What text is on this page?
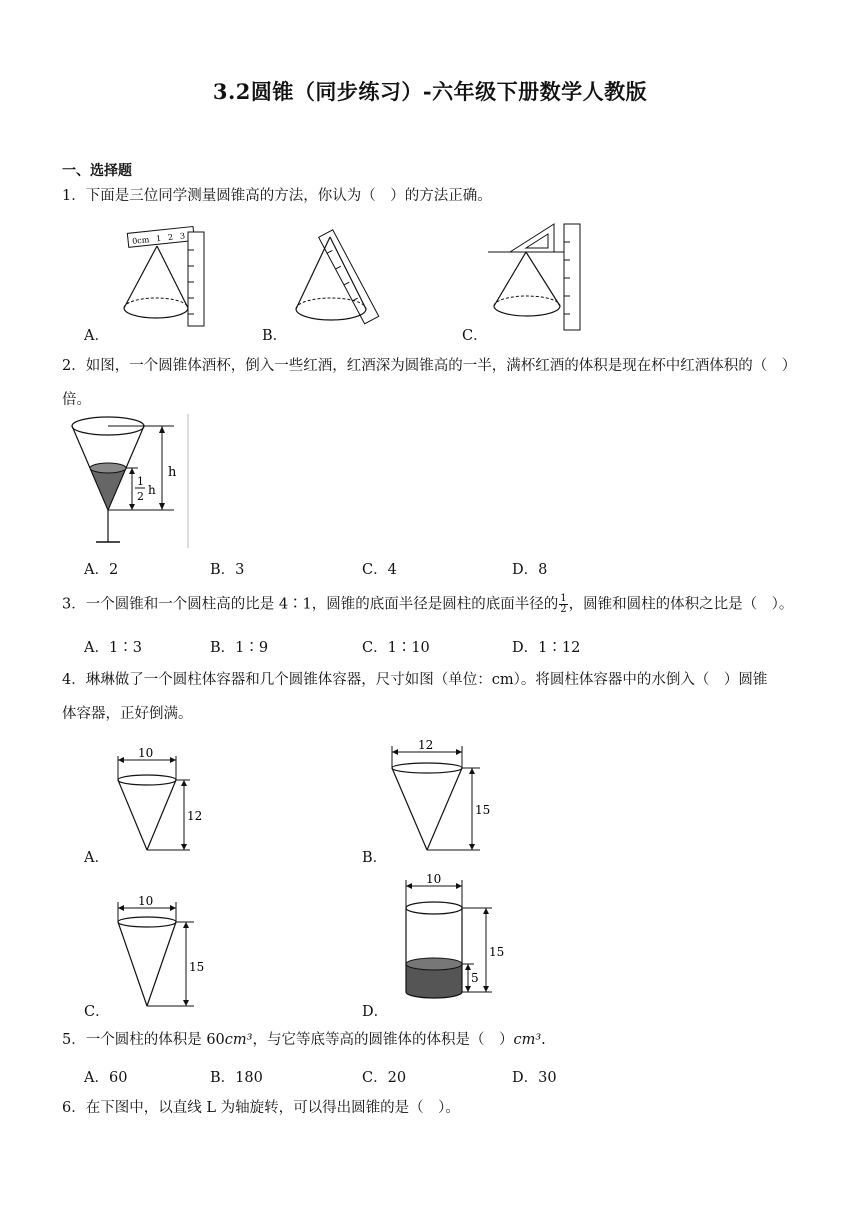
3.2圆锥（同步练习）-六年级下册数学人教版
一、选择题
1．下面是三位同学测量圆锥高的方法，你认为（　）的方法正确。
0cm 1 2 3
A．	B．	C．
2．如图，一个圆锥体酒杯，倒入一些红酒，红酒深为圆锥高的一半，满杯红酒的体积是现在杯中红酒体积的（　）
倍。
h
1
2 h
A．2	B．3	C．4	D．8
3．一个圆锥和一个圆柱高的比是 4∶1，圆锥的底面半径是圆柱的底面半径的 $\frac{1}{2}$ ，圆锥和圆柱的体积之比是（　）。
A．1∶3	B．1∶9	C．1∶10	D．1∶12
4．琳琳做了一个圆柱体容器和几个圆锥体容器，尺寸如图（单位：cm）。将圆柱体容器中的水倒入（　）圆锥
体容器，正好倒满。
10
12
A．
12
15
B．
10
15
C．
10
15
5
D．
5．一个圆柱的体积是 60cm³，与它等底等高的圆锥体的体积是（　）cm³.
A．60	B．180	C．20	D．30
6．在下图中，以直线 L 为轴旋转，可以得出圆锥的是（　）。
